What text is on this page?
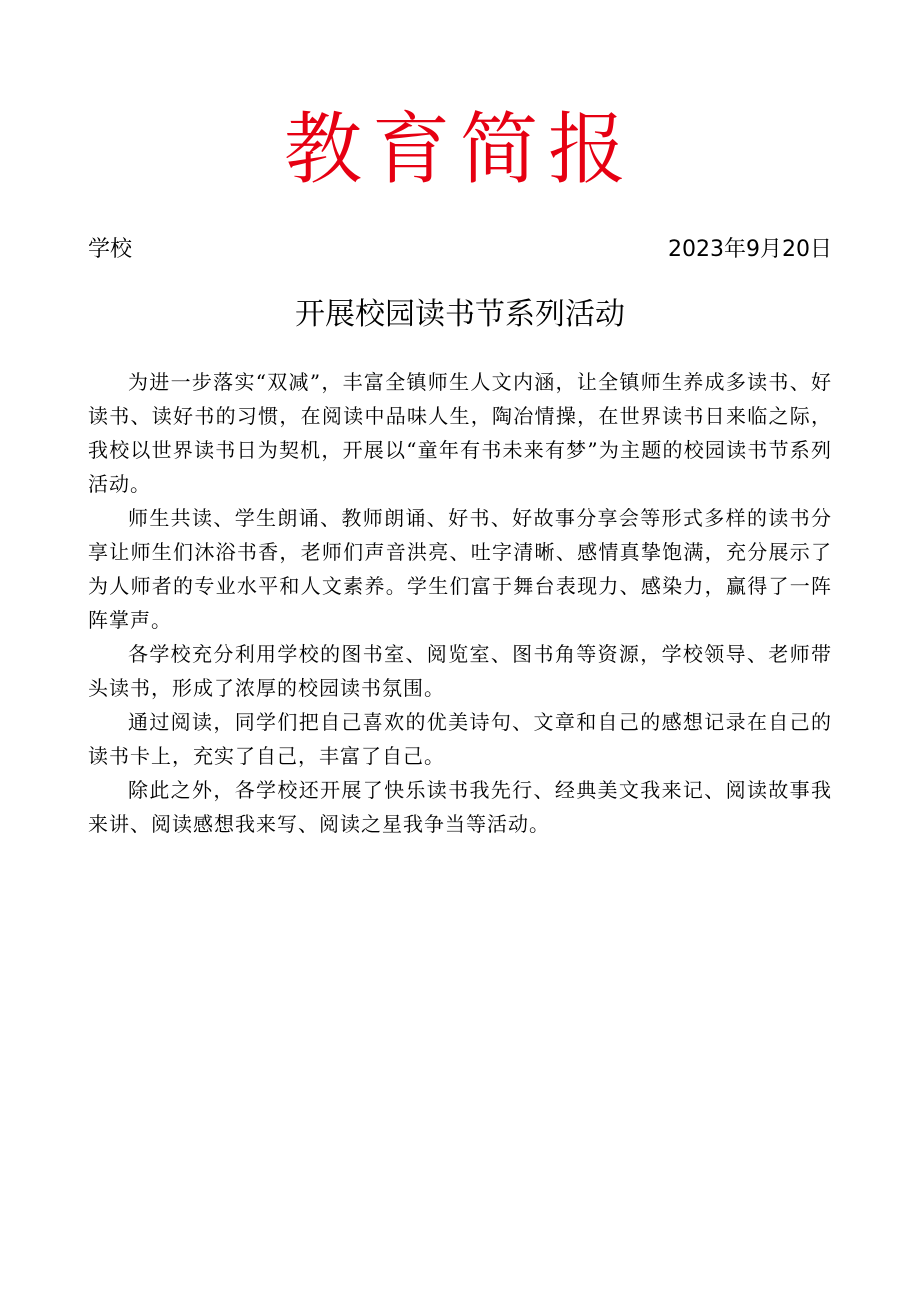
教育简报
学校	2023年9月20日
开展校园读书节系列活动

为进一步落实“双减”，丰富全镇师生人文内涵，让全镇师生养成多读书、好读书、读好书的习惯，在阅读中品味人生，陶冶情操，在世界读书日来临之际，我校以世界读书日为契机，开展以“童年有书未来有梦”为主题的校园读书节系列活动。

师生共读、学生朗诵、教师朗诵、好书、好故事分享会等形式多样的读书分享让师生们沐浴书香，老师们声音洪亮、吐字清晰、感情真挚饱满，充分展示了为人师者的专业水平和人文素养。学生们富于舞台表现力、感染力，赢得了一阵阵掌声。

各学校充分利用学校的图书室、阅览室、图书角等资源，学校领导、老师带头读书，形成了浓厚的校园读书氛围。

通过阅读，同学们把自己喜欢的优美诗句、文章和自己的感想记录在自己的读书卡上，充实了自己，丰富了自己。

除此之外，各学校还开展了快乐读书我先行、经典美文我来记、阅读故事我来讲、阅读感想我来写、阅读之星我争当等活动。
